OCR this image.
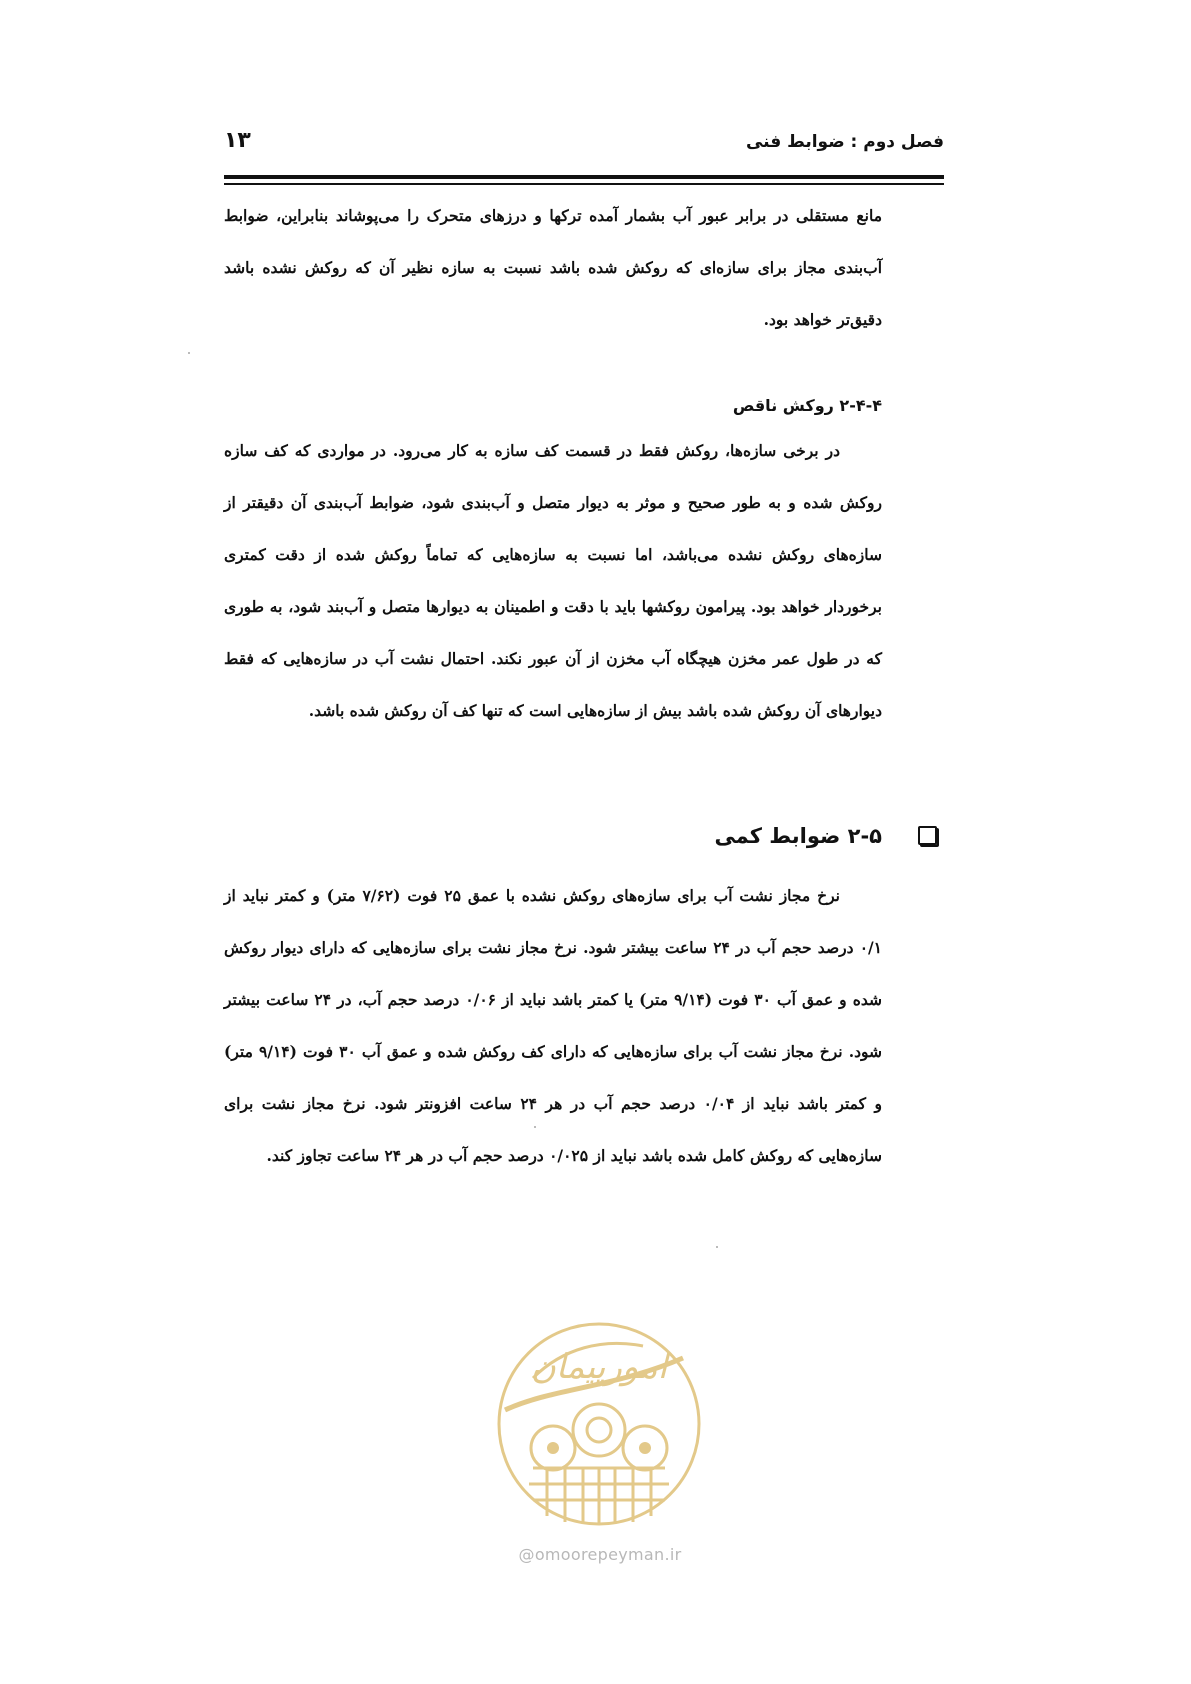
۱۳	فصل دوم : ضوابط فنی

مانع مستقلی در برابر عبور آب بشمار آمده ترکها و درزهای متحرک را می‌پوشاند بنابراین، ضوابط آب‌بندی مجاز برای سازه‌ای که روکش شده باشد نسبت به سازه نظیر آن که روکش نشده باشد دقیق‌تر خواهد بود.

۲-۴-۴ روکش ناقص

در برخی سازه‌ها، روکش فقط در قسمت کف سازه به کار می‌رود. در مواردی که کف سازه روکش شده و به طور صحیح و موثر به دیوار متصل و آب‌بندی شود، ضوابط آب‌بندی آن دقیقتر از سازه‌های روکش نشده می‌باشد، اما نسبت به سازه‌هایی که تماماً روکش شده از دقت کمتری برخوردار خواهد بود. پیرامون روکشها باید با دقت و اطمینان به دیوارها متصل و آب‌بند شود، به طوری که در طول عمر مخزن هیچگاه آب مخزن از آن عبور نکند. احتمال نشت آب در سازه‌هایی که فقط دیوارهای آن روکش شده باشد بیش از سازه‌هایی است که تنها کف آن روکش شده باشد.

۲-۵ ضوابط کمی

نرخ مجاز نشت آب برای سازه‌های روکش نشده با عمق ۲۵ فوت (۷/۶۲ متر) و کمتر نباید از ۰/۱ درصد حجم آب در ۲۴ ساعت بیشتر شود. نرخ مجاز نشت برای سازه‌هایی که دارای دیوار روکش شده و عمق آب ۳۰ فوت (۹/۱۴ متر) یا کمتر باشد نباید از ۰/۰۶ درصد حجم آب، در ۲۴ ساعت بیشتر شود. نرخ مجاز نشت آب برای سازه‌هایی که دارای کف روکش شده و عمق آب ۳۰ فوت (۹/۱۴ متر) و کمتر باشد نباید از ۰/۰۴ درصد حجم آب در هر ۲۴ ساعت افزونتر شود. نرخ مجاز نشت برای سازه‌هایی که روکش کامل شده باشد نباید از ۰/۰۲۵ درصد حجم آب در هر ۲۴ ساعت تجاوز کند.

امورپیمان
@omoorepeyman.ir
